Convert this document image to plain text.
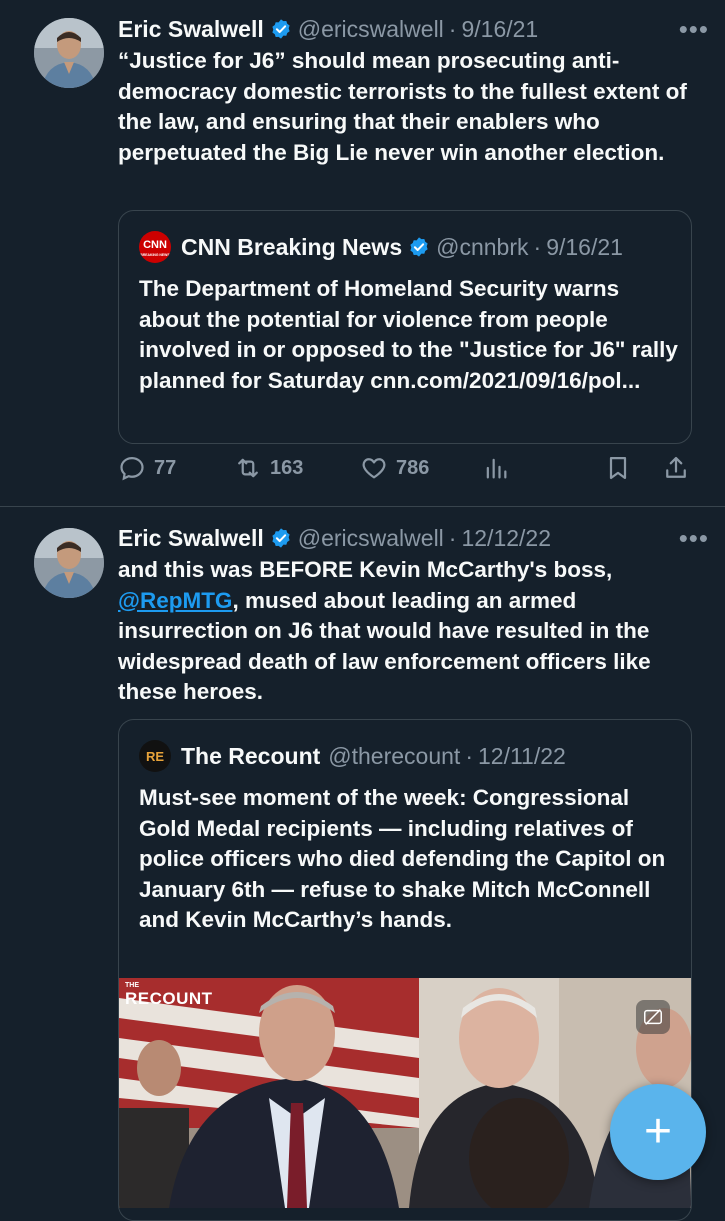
Eric Swalwell @ericswalwell · 9/16/21	•••
“Justice for J6” should mean prosecuting anti-democracy domestic terrorists to the fullest extent of the law, and ensuring that their enablers who perpetuated the Big Lie never win another election.
CNN
BREAKING NEWS CNN Breaking News @cnnbrk · 9/16/21
The Department of Homeland Security warns about the potential for violence from people involved in or opposed to the "Justice for J6" rally planned for Saturday cnn.com/2021/09/16/pol...
77	163	786
Eric Swalwell @ericswalwell · 12/12/22	•••
and this was BEFORE Kevin McCarthy's boss, @RepMTG, mused about leading an armed insurrection on J6 that would have resulted in the widespread death of law enforcement officers like these heroes.
RE The Recount @therecount · 12/11/22
Must-see moment of the week: Congressional Gold Medal recipients — including relatives of police officers who died defending the Capitol on January 6th — refuse to shake Mitch McConnell and Kevin McCarthy’s hands.
THE
RECOUNT
+
